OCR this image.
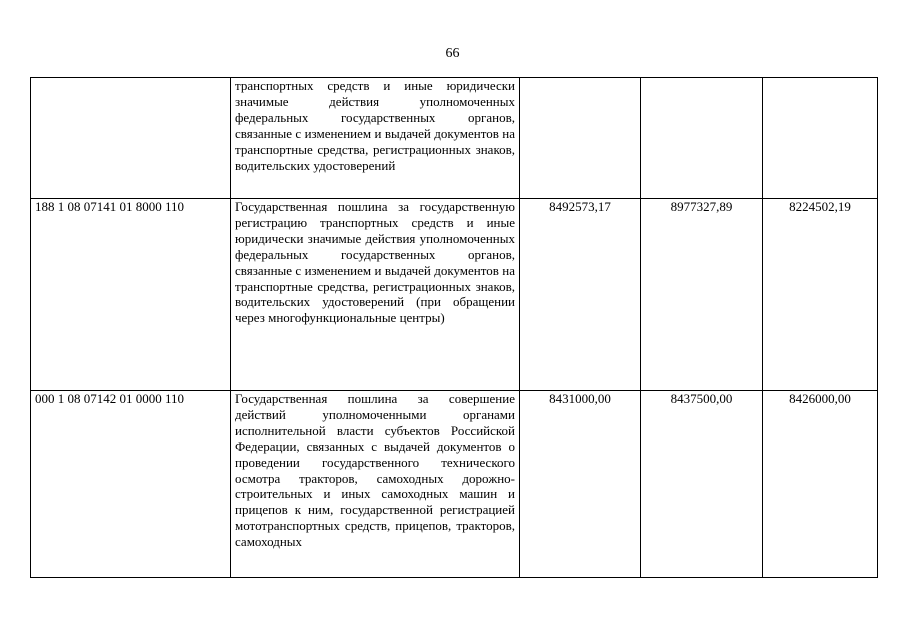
66
	транспортных средств и иные юридически значимые действия уполномоченных федеральных государственных органов, связанные с изменением и выдачей документов на транспортные средства, регистрационных знаков, водительских удостоверений			
188 1 08 07141 01 8000 110	Государственная пошлина за государственную регистрацию транспортных средств и иные юридически значимые действия уполномоченных федеральных государственных органов, связанные с изменением и выдачей документов на транспортные средства, регистрационных знаков, водительских удостоверений (при обращении через многофункциональные центры)	8492573,17	8977327,89	8224502,19
000 1 08 07142 01 0000 110	Государственная пошлина за совершение действий уполномоченными органами исполнительной власти субъектов Российской Федерации, связанных с выдачей документов о проведении государственного технического осмотра тракторов, самоходных дорожно-строительных и иных самоходных машин и прицепов к ним, государственной регистрацией мототранспортных средств, прицепов, тракторов, самоходных	8431000,00	8437500,00	8426000,00
